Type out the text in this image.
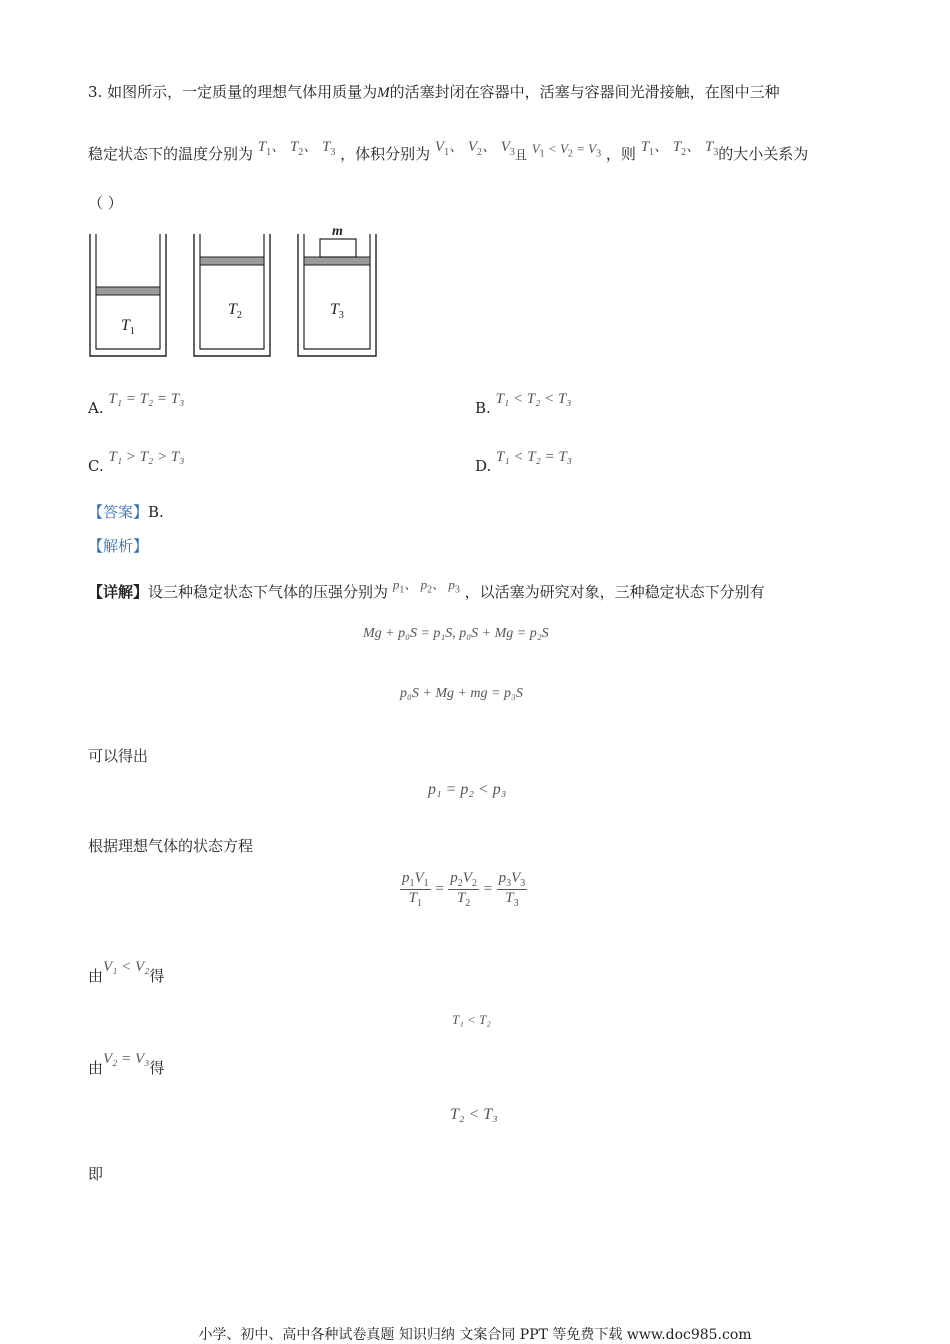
3. 如图所示，一定质量的理想气体用质量为M的活塞封闭在容器中，活塞与容器间光滑接触，在图中三种
稳定状态下的温度分别为 $T_1$、 $T_2$、 $T_3$ ，体积分别为 $V_1$、 $V_2$、 $V_3$且 $V_1 < V_2 = V_3$ ，则 $T_1$、 $T_2$、 $T_3$的大小关系为
（ ）
$T_1$
$T_2$
m
$T_3$
A. T₁ = T₂ = T₃	B. T₁ < T₂ < T₃
C. T₁ > T₂ > T₃	D. T₁ < T₂ = T₃
【答案】B.
【解析】
【详解】设三种稳定状态下气体的压强分别为 $p_1$、 $p_2$、 $p_3$ ，以活塞为研究对象，三种稳定状态下分别有
Mg + p₀S = p₁S, p₀S + Mg = p₂S
p₀S + Mg + mg = p₃S
可以得出
p₁ = p₂ < p₃
根据理想气体的状态方程
$\frac{p_1V_1}{T_1} = \frac{p_2V_2}{T_2} = \frac{p_3V_3}{T_3}$
由V₁ < V₂得
T₁ < T₂
由V₂ = V₃得
T₂ < T₃
即
小学、初中、高中各种试卷真题 知识归纳 文案合同 PPT 等免费下载 www.doc985.com
